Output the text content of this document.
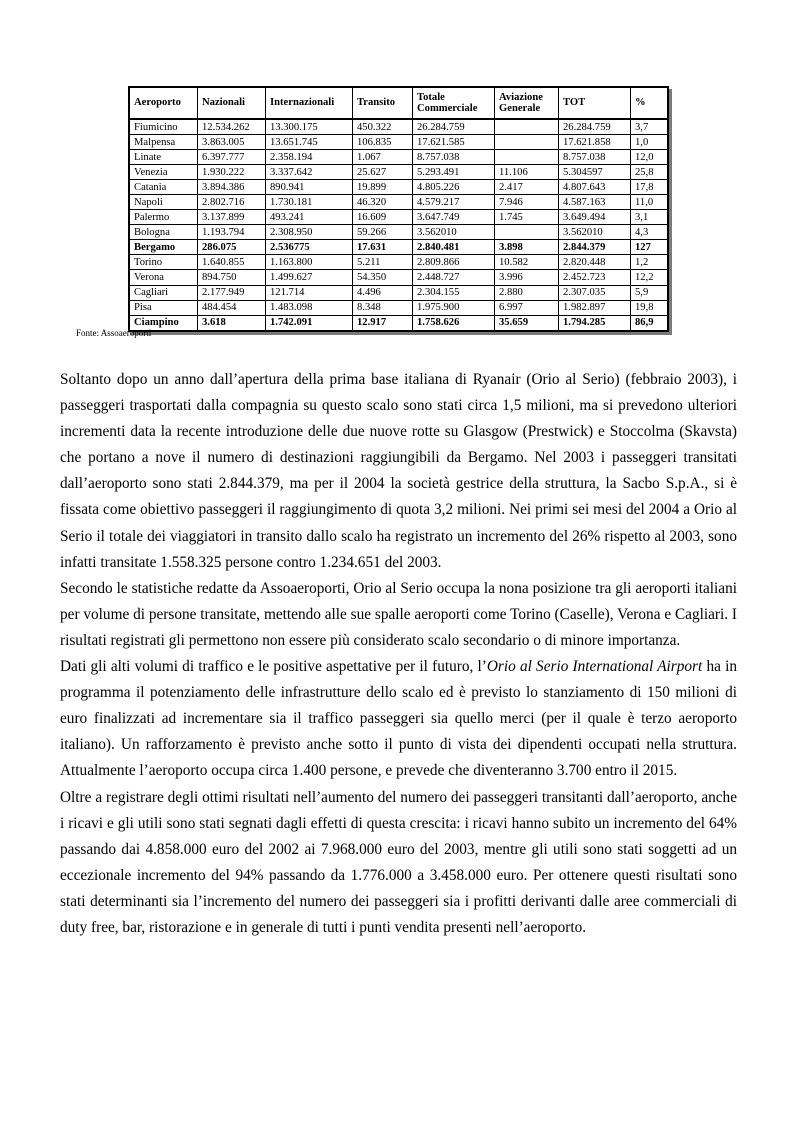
Aeroporto	Nazionali	Internazionali	Transito	Totale Commerciale	Aviazione Generale	TOT	%
Fiumicino	12.534.262	13.300.175	450.322	26.284.759		26.284.759	3,7
Malpensa	3.863.005	13.651.745	106.835	17.621.585		17.621.858	1,0
Linate	6.397.777	2.358.194	1.067	8.757.038		8.757.038	12,0
Venezia	1.930.222	3.337.642	25.627	5.293.491	11.106	5.304597	25,8
Catania	3.894.386	890.941	19.899	4.805.226	2.417	4.807.643	17,8
Napoli	2.802.716	1.730.181	46.320	4.579.217	7.946	4.587.163	11,0
Palermo	3.137.899	493.241	16.609	3.647.749	1.745	3.649.494	3,1
Bologna	1.193.794	2.308.950	59.266	3.562010		3.562010	4,3
Bergamo	286.075	2.536775	17.631	2.840.481	3.898	2.844.379	127
Torino	1.640.855	1.163.800	5.211	2.809.866	10.582	2.820.448	1,2
Verona	894.750	1.499.627	54.350	2.448.727	3.996	2.452.723	12,2
Cagliari	2.177.949	121.714	4.496	2.304.155	2.880	2.307.035	5,9
Pisa	484.454	1.483.098	8.348	1.975.900	6.997	1.982.897	19,8
Ciampino	3.618	1.742.091	12.917	1.758.626	35.659	1.794.285	86,9
Fonte: Assoaeroporti

Soltanto dopo un anno dall’apertura della prima base italiana di Ryanair (Orio al Serio) (febbraio 2003), i passeggeri trasportati dalla compagnia su questo scalo sono stati circa 1,5 milioni, ma si prevedono ulteriori incrementi data la recente introduzione delle due nuove rotte su Glasgow (Prestwick) e Stoccolma (Skavsta) che portano a nove il numero di destinazioni raggiungibili da Bergamo. Nel 2003 i passeggeri transitati dall’aeroporto sono stati 2.844.379, ma per il 2004 la società gestrice della struttura, la Sacbo S.p.A., si è fissata come obiettivo passeggeri il raggiungimento di quota 3,2 milioni. Nei primi sei mesi del 2004 a Orio al Serio il totale dei viaggiatori in transito dallo scalo ha registrato un incremento del 26% rispetto al 2003, sono infatti transitate 1.558.325 persone contro 1.234.651 del 2003.

Secondo le statistiche redatte da Assoaeroporti, Orio al Serio occupa la nona posizione tra gli aeroporti italiani per volume di persone transitate, mettendo alle sue spalle aeroporti come Torino (Caselle), Verona e Cagliari. I risultati registrati gli permettono non essere più considerato scalo secondario o di minore importanza.

Dati gli alti volumi di traffico e le positive aspettative per il futuro, l’Orio al Serio International Airport ha in programma il potenziamento delle infrastrutture dello scalo ed è previsto lo stanziamento di 150 milioni di euro finalizzati ad incrementare sia il traffico passeggeri sia quello merci (per il quale è terzo aeroporto italiano). Un rafforzamento è previsto anche sotto il punto di vista dei dipendenti occupati nella struttura. Attualmente l’aeroporto occupa circa 1.400 persone, e prevede che diventeranno 3.700 entro il 2015.

Oltre a registrare degli ottimi risultati nell’aumento del numero dei passeggeri transitanti dall’aeroporto, anche i ricavi e gli utili sono stati segnati dagli effetti di questa crescita: i ricavi hanno subito un incremento del 64% passando dai 4.858.000 euro del 2002 ai 7.968.000 euro del 2003, mentre gli utili sono stati soggetti ad un eccezionale incremento del 94% passando da 1.776.000 a 3.458.000 euro. Per ottenere questi risultati sono stati determinanti sia l’incremento del numero dei passeggeri sia i profitti derivanti dalle aree commerciali di duty free, bar, ristorazione e in generale di tutti i punti vendita presenti nell’aeroporto.
